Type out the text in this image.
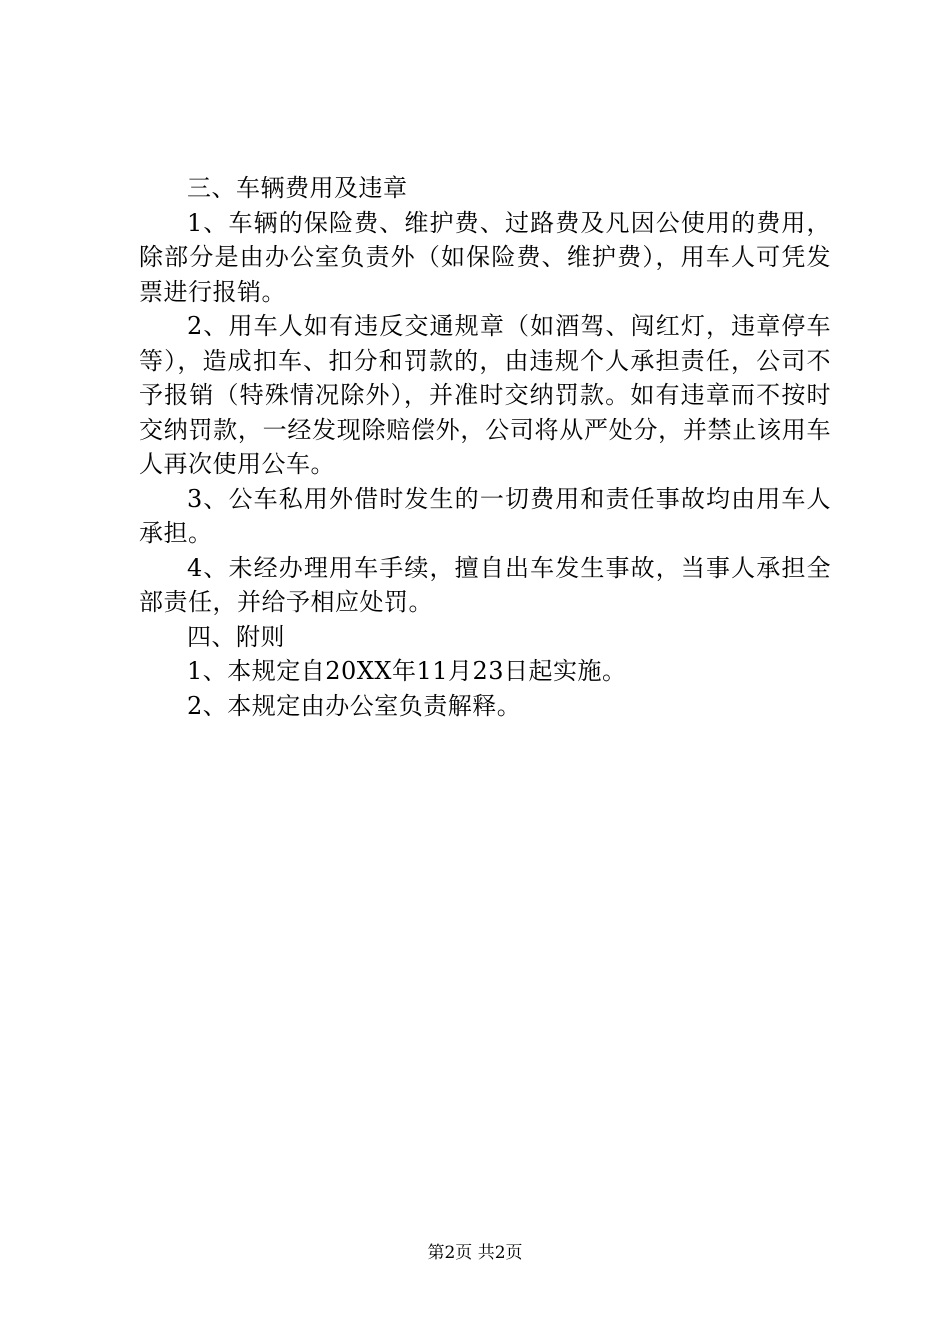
三、车辆费用及违章

1、车辆的保险费、维护费、过路费及凡因公使用的费用，除部分是由办公室负责外（如保险费、维护费），用车人可凭发票进行报销。

2、用车人如有违反交通规章（如酒驾、闯红灯，违章停车等），造成扣车、扣分和罚款的，由违规个人承担责任，公司不予报销（特殊情况除外），并准时交纳罚款。如有违章而不按时交纳罚款，一经发现除赔偿外，公司将从严处分，并禁止该用车人再次使用公车。

3、公车私用外借时发生的一切费用和责任事故均由用车人承担。

4、未经办理用车手续，擅自出车发生事故，当事人承担全部责任，并给予相应处罚。

四、附则

1、本规定自20XX年11月23日起实施。

2、本规定由办公室负责解释。

第2页 共2页
